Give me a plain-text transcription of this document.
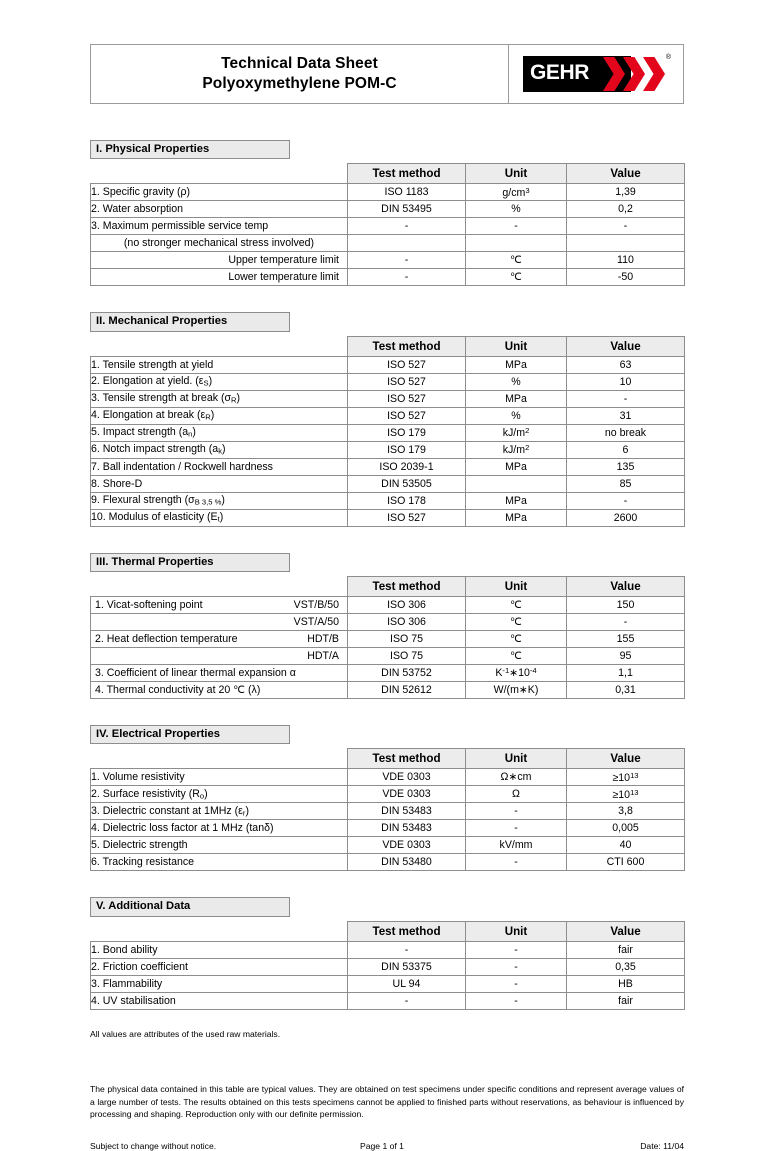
Technical Data Sheet
Polyoxymethylene POM-C	GEHR
®
I. Physical Properties
	Test method	Unit	Value
1. Specific gravity (ρ)	ISO 1183	$g/cm^3$	1,39
2. Water absorption	DIN 53495	%	0,2
3. Maximum permissible service temp	-	-	-
(no stronger mechanical stress involved)			
Upper temperature limit	-	℃	110
Lower temperature limit	-	℃	-50
II. Mechanical Properties
	Test method	Unit	Value
1. Tensile strength at yield	ISO 527	MPa	63
2. Elongation at yield. $(\varepsilon_S)$	ISO 527	%	10
3. Tensile strength at break $(\sigma_R)$	ISO 527	MPa	-
4. Elongation at break $(\varepsilon_R)$	ISO 527	%	31
5. Impact strength $(a_n)$	ISO 179	$kJ/m^2$	no break
6. Notch impact strength $(a_k)$	ISO 179	$kJ/m^2$	6
7. Ball indentation / Rockwell hardness	ISO 2039-1	MPa	135
8. Shore-D	DIN 53505		85
9. Flexural strength $(\sigma_{B 3,5 \%})$	ISO 178	MPa	-
10. Modulus of elasticity $(E_t)$	ISO 527	MPa	2600
III. Thermal Properties
	Test method	Unit	Value

1. Vicat-softening point VST/B/50	ISO 306	℃	150

VST/A/50	ISO 306	℃	-

2. Heat deflection temperature HDT/B	ISO 75	℃	155

HDT/A	ISO 75	℃	95

3. Coefficient of linear thermal expansion α	DIN 53752	$K^{-1}∗10^{-4}$	1,1

4. Thermal conductivity at 20 ℃ (λ)	DIN 52612	W/(m∗K)	0,31
IV. Electrical Properties
	Test method	Unit	Value
1. Volume resistivity	VDE 0303	Ω∗cm	$\ge 10^{13}$
2. Surface resistivity $(R_o)$	VDE 0303	Ω	$\ge 10^{13}$
3. Dielectric constant at 1MHz $(\varepsilon_r)$	DIN 53483	-	3,8
4. Dielectric loss factor at 1 MHz (tanδ)	DIN 53483	-	0,005
5. Dielectric strength	VDE 0303	kV/mm	40
6. Tracking resistance	DIN 53480	-	CTI 600
V. Additional Data
	Test method	Unit	Value
1. Bond ability	-	-	fair
2. Friction coefficient	DIN 53375	-	0,35
3. Flammability	UL 94	-	HB
4. UV stabilisation	-	-	fair
All values are attributes of the used raw materials.
The physical data contained in this table are typical values. They are obtained on test specimens under specific conditions and represent average values of a large number of tests. The results obtained on this tests specimens cannot be applied to finished parts without reservations, as behaviour is influenced by processing and shaping. Reproduction only with our definite permission.
Subject to change without notice.	Page 1 of 1	Date: 11/04
